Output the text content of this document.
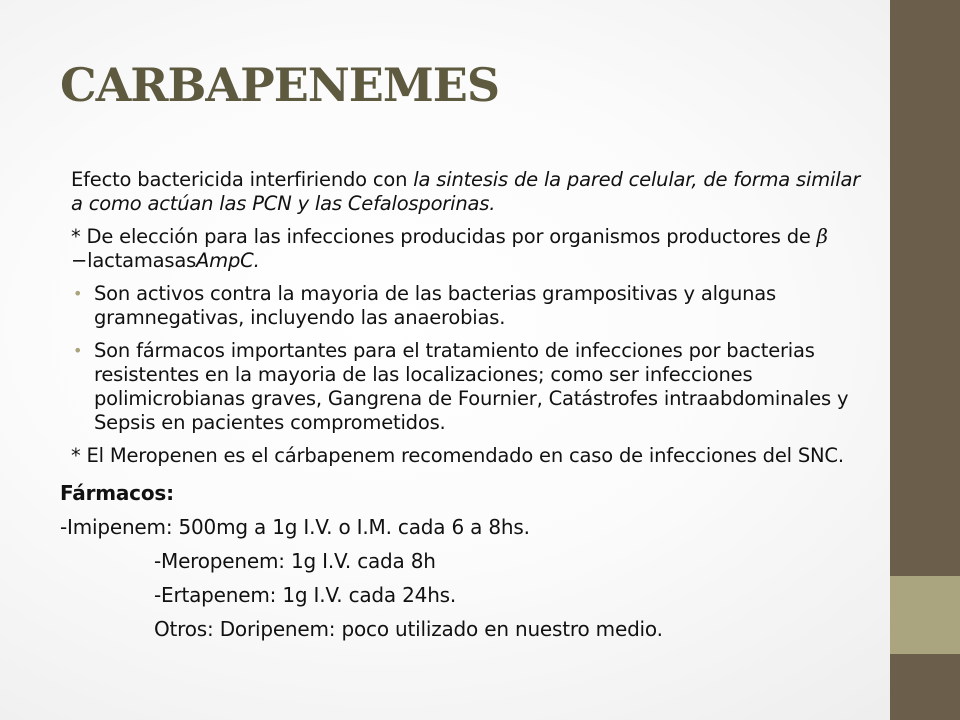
CARBAPENEMES
Efecto bactericida interfiriendo con la sintesis de la pared celular, de forma similar a como actúan las PCN y las Cefalosporinas.
* De elección para las infecciones producidas por organismos productores de β −lactamasasAmpC.
• Son activos contra la mayoria de las bacterias grampositivas y algunas gramnegativas, incluyendo las anaerobias.
• Son fármacos importantes para el tratamiento de infecciones por bacterias resistentes en la mayoria de las localizaciones; como ser infecciones polimicrobianas graves, Gangrena de Fournier, Catástrofes intraabdominales y Sepsis en pacientes comprometidos.
* El Meropenen es el cárbapenem recomendado en caso de infecciones del SNC.
Fármacos:
-Imipenem: 500mg a 1g I.V. o I.M. cada 6 a 8hs.
-Meropenem: 1g I.V. cada 8h
-Ertapenem: 1g I.V. cada 24hs.
Otros: Doripenem: poco utilizado en nuestro medio.
